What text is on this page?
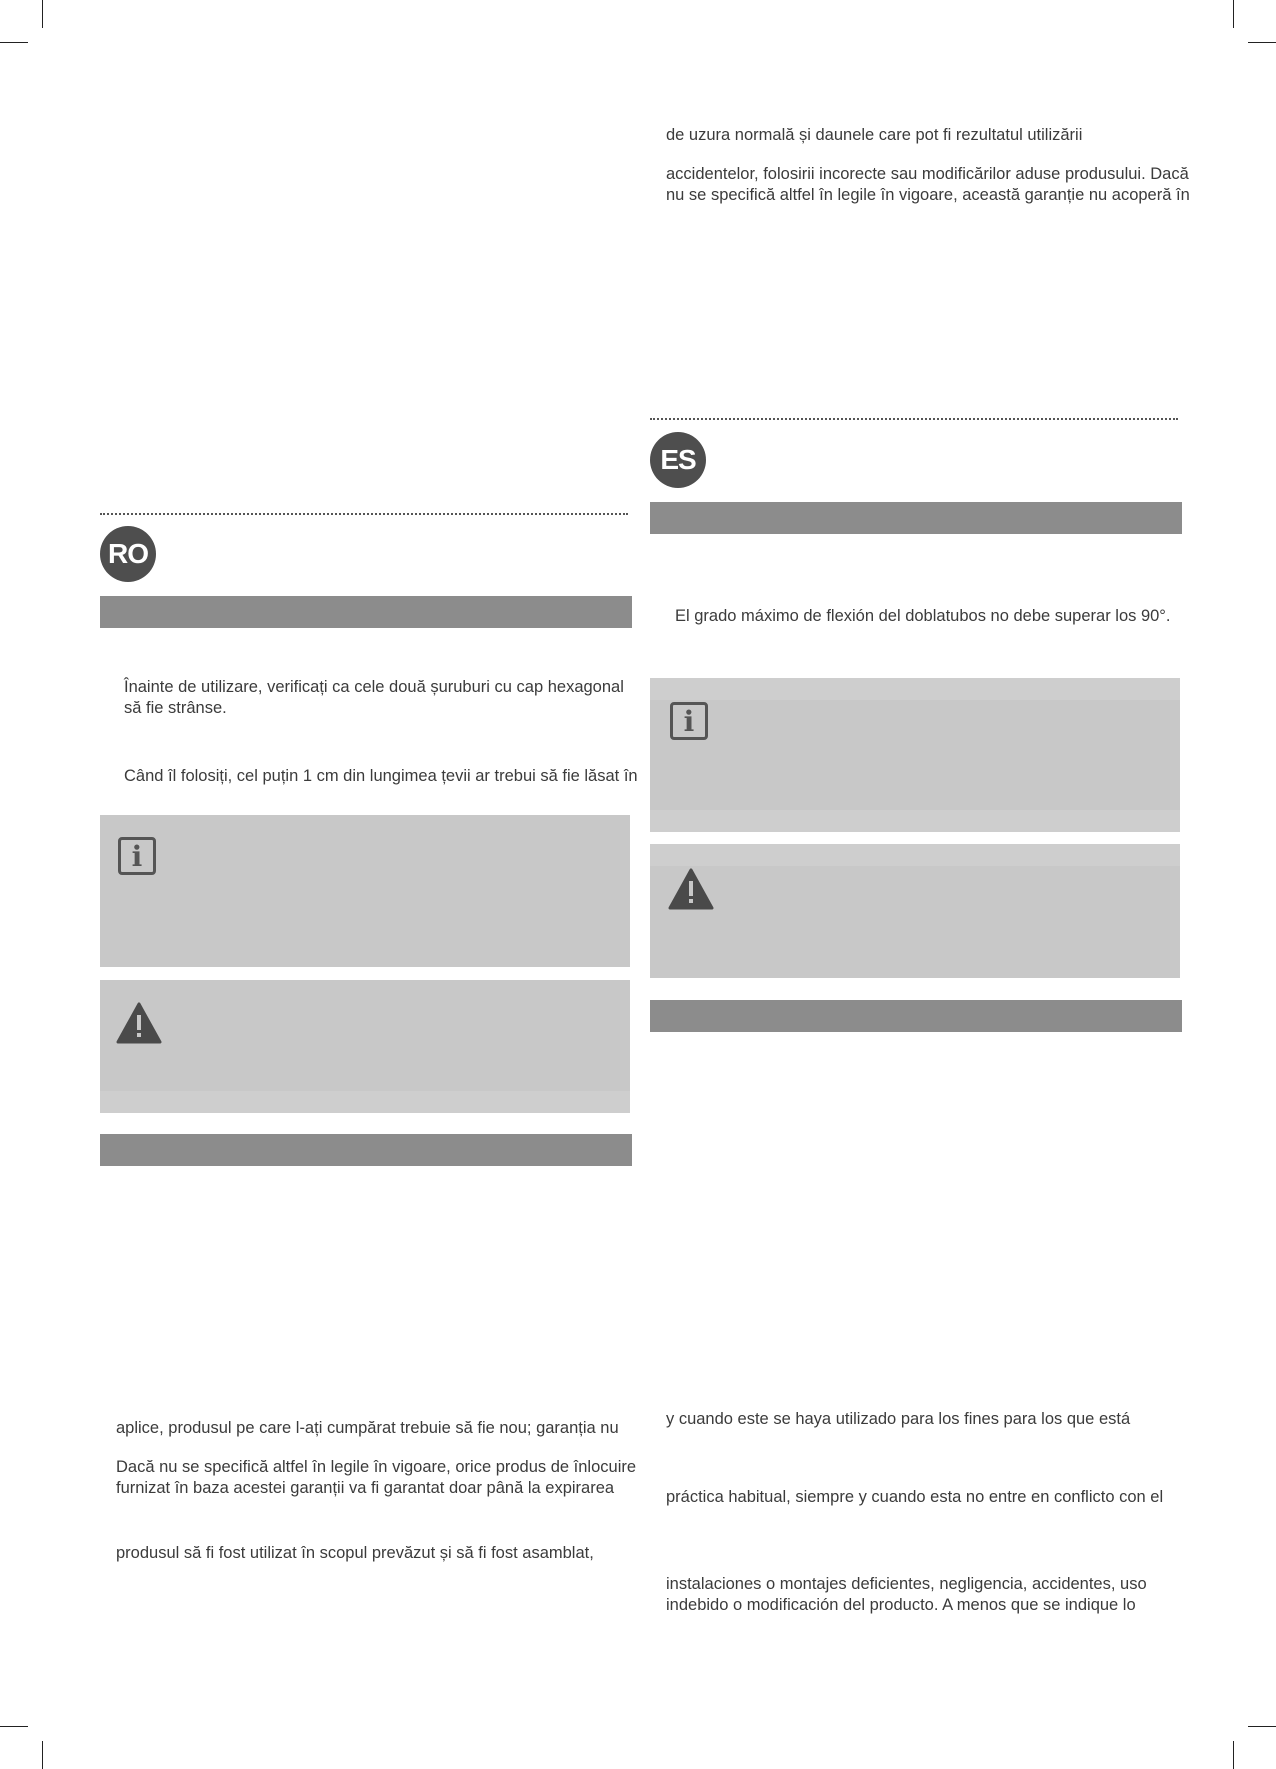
de uzura normală și daunele care pot fi rezultatul utilizării
accidentelor, folosirii incorecte sau modificărilor aduse produsului. Dacă
nu se specifică altfel în legile în vigoare, această garanție nu acoperă în
ES
El grado máximo de flexión del doblatubos no debe superar los 90°.
i
RO
Înainte de utilizare, verificați ca cele două șuruburi cu cap hexagonal
să fie strânse.
Când îl folosiți, cel puțin 1 cm din lungimea țevii ar trebui să fie lăsat în
i
aplice, produsul pe care l-ați cumpărat trebuie să fie nou; garanția nu
Dacă nu se specifică altfel în legile în vigoare, orice produs de înlocuire
furnizat în baza acestei garanții va fi garantat doar până la expirarea
produsul să fi fost utilizat în scopul prevăzut și să fi fost asamblat,
y cuando este se haya utilizado para los fines para los que está
práctica habitual, siempre y cuando esta no entre en conflicto con el
instalaciones o montajes deficientes, negligencia, accidentes, uso
indebido o modificación del producto. A menos que se indique lo
